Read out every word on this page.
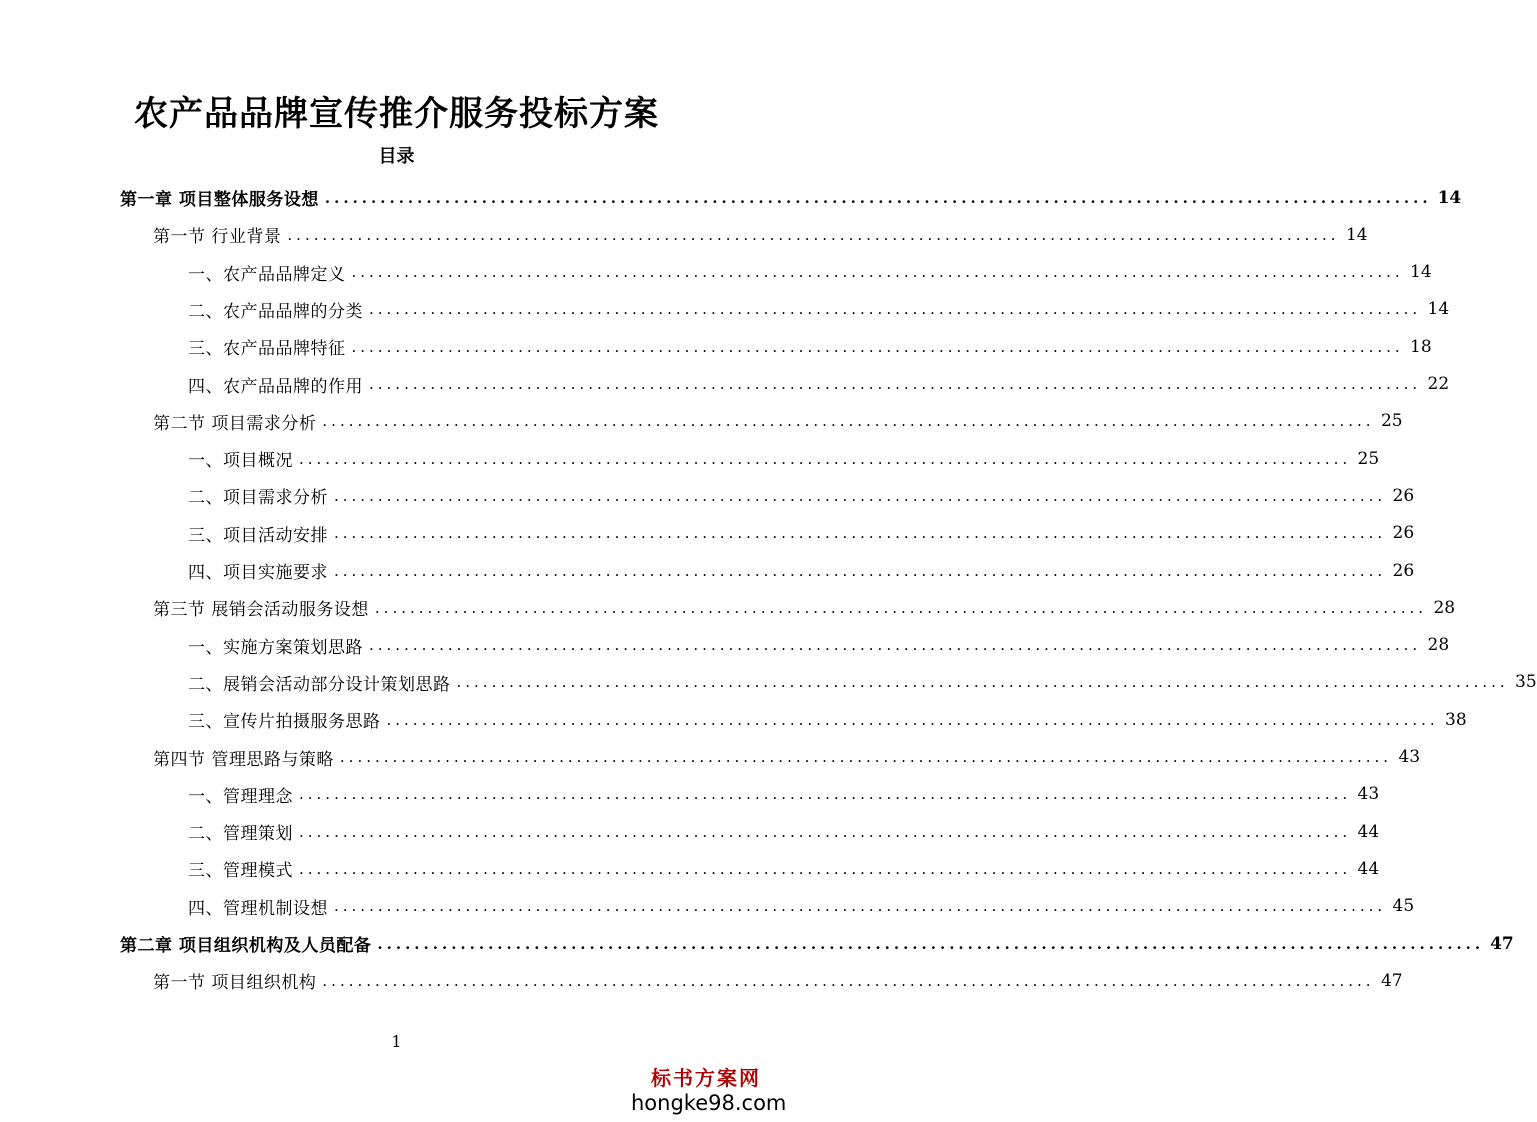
农产品品牌宣传推介服务投标方案
目录
第一章 项目整体服务设想 ........................................................................................................................ 14
第一节 行业背景 ........................................................................................................................ 14
一、农产品品牌定义 ........................................................................................................................ 14
二、农产品品牌的分类 ........................................................................................................................ 14
三、农产品品牌特征 ........................................................................................................................ 18
四、农产品品牌的作用 ........................................................................................................................ 22
第二节 项目需求分析 ........................................................................................................................ 25
一、项目概况 ........................................................................................................................ 25
二、项目需求分析 ........................................................................................................................ 26
三、项目活动安排 ........................................................................................................................ 26
四、项目实施要求 ........................................................................................................................ 26
第三节 展销会活动服务设想 ........................................................................................................................ 28
一、实施方案策划思路 ........................................................................................................................ 28
二、展销会活动部分设计策划思路 ........................................................................................................................ 35
三、宣传片拍摄服务思路 ........................................................................................................................ 38
第四节 管理思路与策略 ........................................................................................................................ 43
一、管理理念 ........................................................................................................................ 43
二、管理策划 ........................................................................................................................ 44
三、管理模式 ........................................................................................................................ 44
四、管理机制设想 ........................................................................................................................ 45
第二章 项目组织机构及人员配备 ........................................................................................................................ 47
第一节 项目组织机构 ........................................................................................................................ 47
1
标书方案网
hongke98.com
